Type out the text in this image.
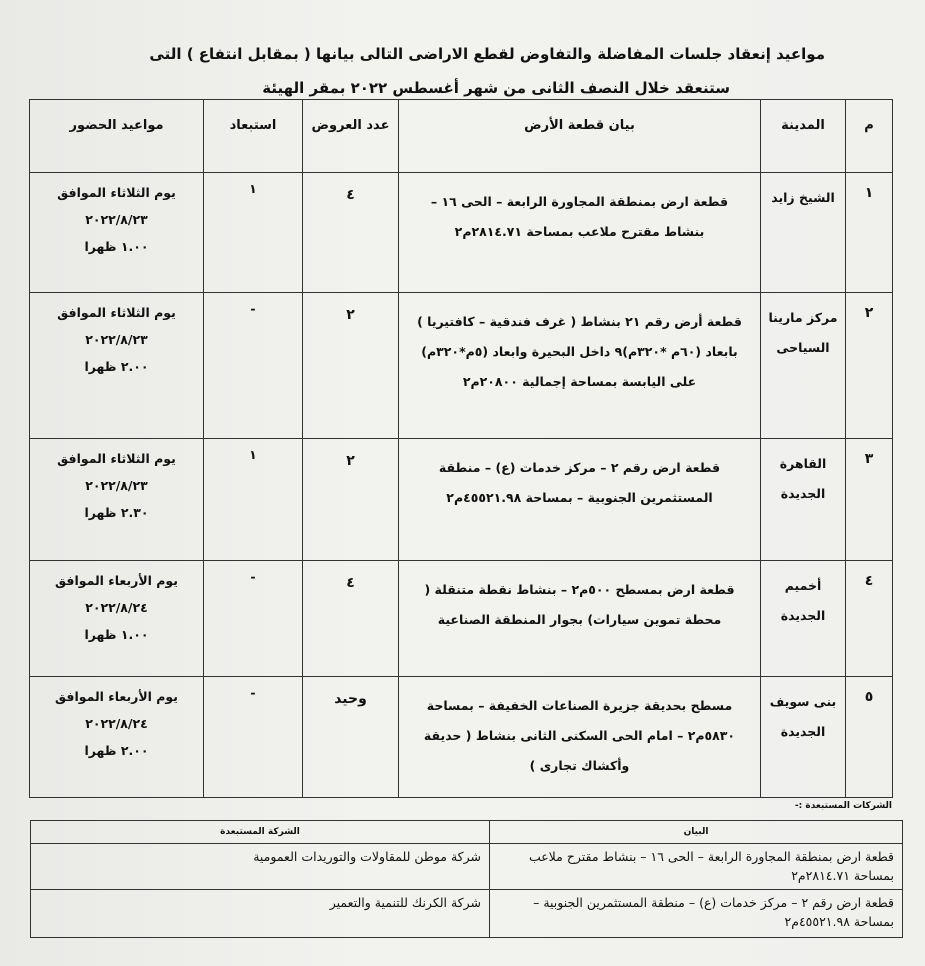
مواعيد إنعقاد جلسات المفاضلة والتفاوض لقطع الاراضى التالى بيانها ( بمقابل انتفاع ) التى
ستنعقد خلال النصف الثانى من شهر أغسطس ٢٠٢٢ بمقر الهيئة
م	المدينة	بيان قطعة الأرض	عدد العروض	استبعاد	مواعيد الحضور
١	الشيخ زايد	قطعة ارض بمنطقة المجاورة الرابعة – الحى ١٦ – بنشاط مقترح ملاعب بمساحة ٢٨١٤.٧١م٢	٤	١	يوم الثلاثاء الموافق
٢٠٢٢/٨/٢٣
١.٠٠ ظهرا

٢	مركز مارينا السياحى	قطعة أرض رقم ٢١ بنشاط ( غرف فندقية – كافتيريا ) بابعاد (٦٠م *٣٢٠م)٩ داخل البحيرة وابعاد (٥م*٣٢٠م) على اليابسة بمساحة إجمالية ٢٠٨٠٠م٢	٢	-	يوم الثلاثاء الموافق
٢٠٢٢/٨/٢٣
٢.٠٠ ظهرا

٣	القاهرة الجديدة	قطعة ارض رقم ٢ – مركز خدمات (ع) – منطقة المستثمرين الجنوبية – بمساحة ٤٥٥٢١.٩٨م٢	٢	١	يوم الثلاثاء الموافق
٢٠٢٢/٨/٢٣
٢.٣٠ ظهرا

٤	أخميم الجديدة	قطعة ارض بمسطح ٥٠٠م٢ – بنشاط نقطة متنقلة ( محطة تموين سيارات) بجوار المنطقة الصناعية	٤	-	يوم الأربعاء الموافق
٢٠٢٢/٨/٢٤
١.٠٠ ظهرا

٥	بنى سويف الجديدة	مسطح بحديقة جزيرة الصناعات الخفيفة – بمساحة ٥٨٣٠م٢ – امام الحى السكنى الثانى بنشاط ( حديقة وأكشاك تجارى )	وحيد	-	يوم الأربعاء الموافق
٢٠٢٢/٨/٢٤
٢.٠٠ ظهرا
الشركات المستبعدة :-
البيان	الشركة المستبعدة
قطعة ارض بمنطقة المجاورة الرابعة – الحى ١٦ – بنشاط مقترح ملاعب بمساحة ٢٨١٤.٧١م٢	شركة موطن للمقاولات والتوريدات العمومية
قطعة ارض رقم ٢ – مركز خدمات (ع) – منطقة المستثمرين الجنوبية – بمساحة ٤٥٥٢١.٩٨م٢	شركة الكرنك للتنمية والتعمير
